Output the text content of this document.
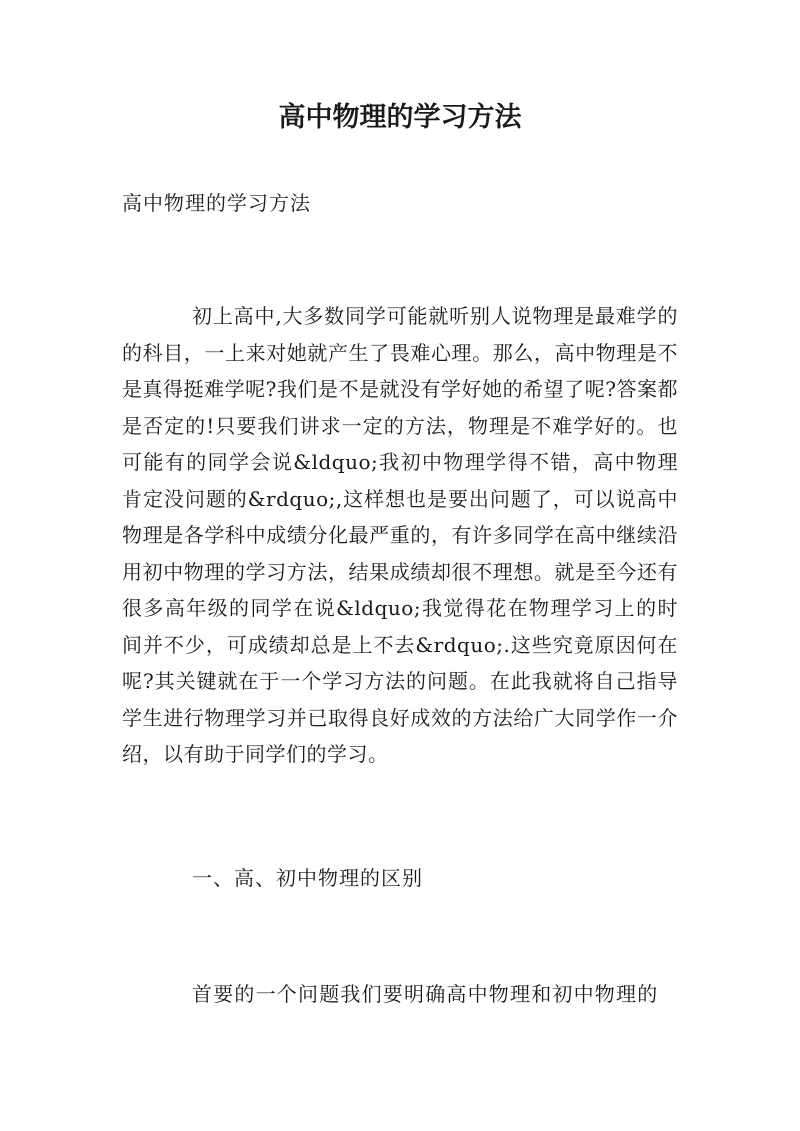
高中物理的学习方法

高中物理的学习方法

初上高中,大多数同学可能就听别人说物理是最难学的的科目，一上来对她就产生了畏难心理。那么，高中物理是不是真得挺难学呢?我们是不是就没有学好她的希望了呢?答案都是否定的!只要我们讲求一定的方法，物理是不难学好的。也可能有的同学会说&ldquo;我初中物理学得不错，高中物理肯定没问题的&rdquo;,这样想也是要出问题了，可以说高中物理是各学科中成绩分化最严重的，有许多同学在高中继续沿用初中物理的学习方法，结果成绩却很不理想。就是至今还有很多高年级的同学在说&ldquo;我觉得花在物理学习上的时间并不少，可成绩却总是上不去&rdquo;.这些究竟原因何在呢?其关键就在于一个学习方法的问题。在此我就将自己指导学生进行物理学习并已取得良好成效的方法给广大同学作一介绍，以有助于同学们的学习。

一、高、初中物理的区别

首要的一个问题我们要明确高中物理和初中物理的
